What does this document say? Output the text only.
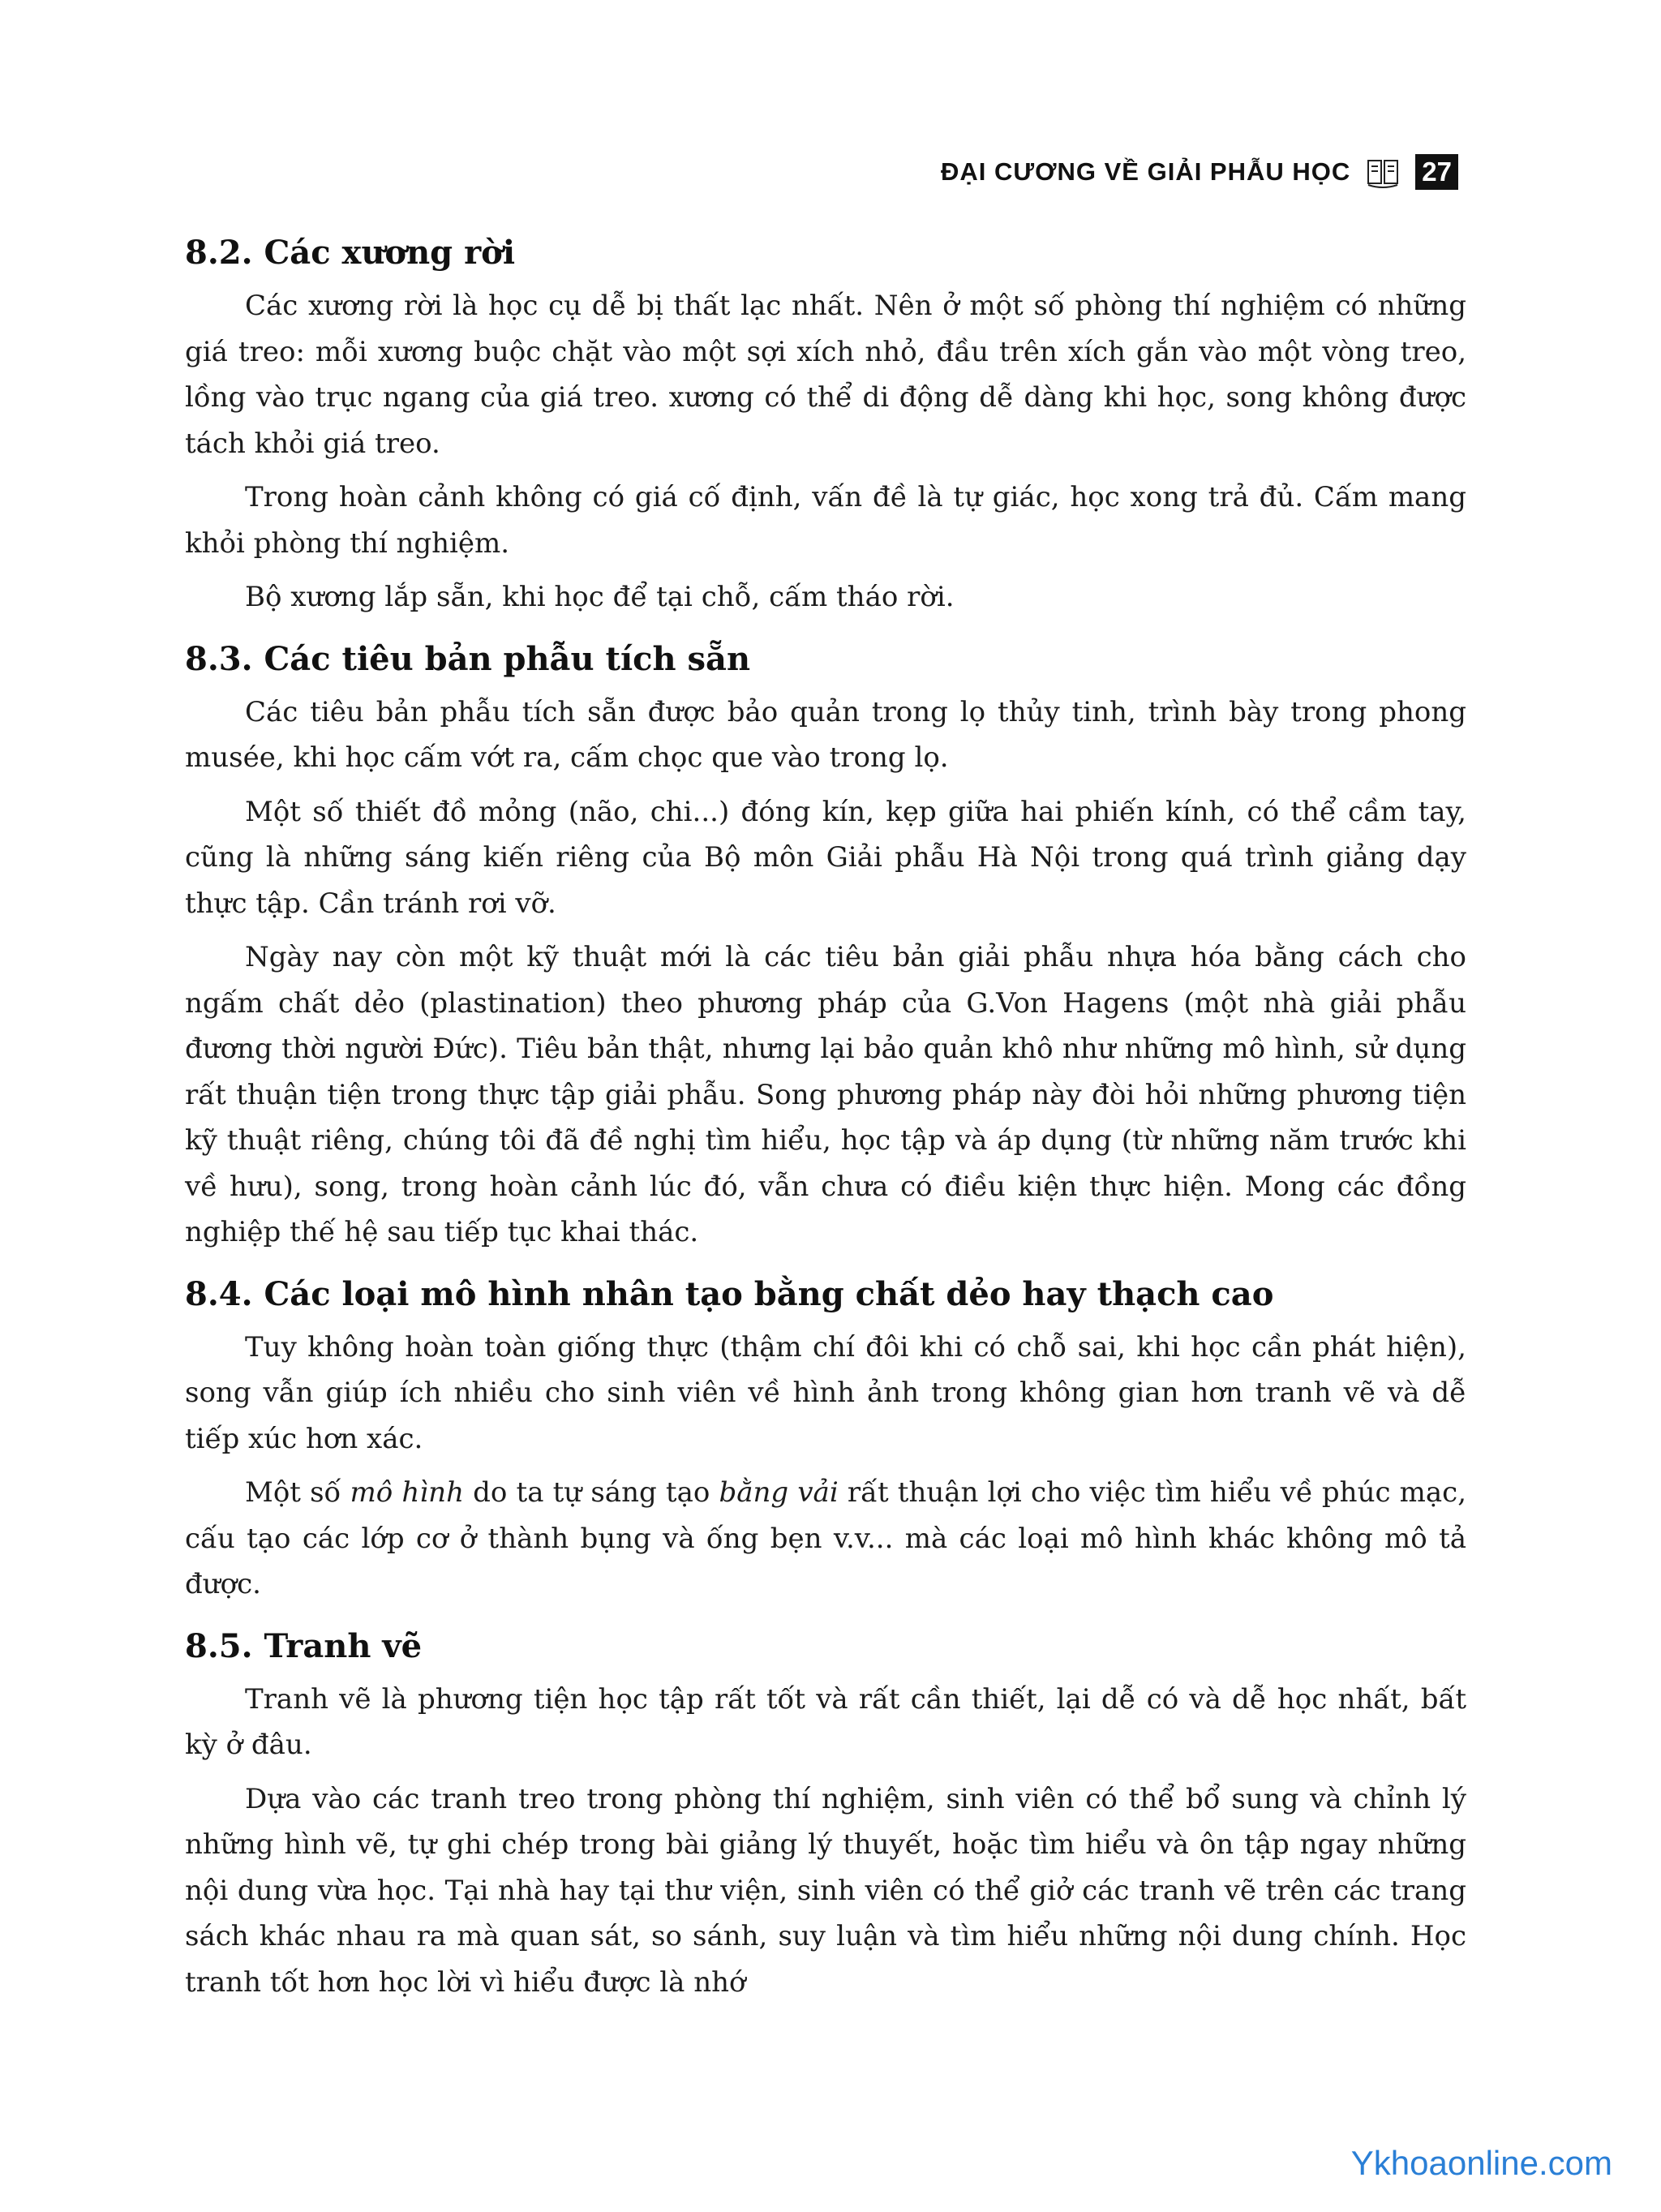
ĐẠI CƯƠNG VỀ GIẢI PHẪU HỌC	27
8.2. Các xương rời

Các xương rời là học cụ dễ bị thất lạc nhất. Nên ở một số phòng thí nghiệm có những giá treo: mỗi xương buộc chặt vào một sợi xích nhỏ, đầu trên xích gắn vào một vòng treo, lồng vào trục ngang của giá treo. xương có thể di động dễ dàng khi học, song không được tách khỏi giá treo.

Trong hoàn cảnh không có giá cố định, vấn đề là tự giác, học xong trả đủ. Cấm mang khỏi phòng thí nghiệm.

Bộ xương lắp sẵn, khi học để tại chỗ, cấm tháo rời.

8.3. Các tiêu bản phẫu tích sẵn

Các tiêu bản phẫu tích sẵn được bảo quản trong lọ thủy tinh, trình bày trong phong musée, khi học cấm vớt ra, cấm chọc que vào trong lọ.

Một số thiết đồ mỏng (não, chi...) đóng kín, kẹp giữa hai phiến kính, có thể cầm tay, cũng là những sáng kiến riêng của Bộ môn Giải phẫu Hà Nội trong quá trình giảng dạy thực tập. Cần tránh rơi vỡ.

Ngày nay còn một kỹ thuật mới là các tiêu bản giải phẫu nhựa hóa bằng cách cho ngấm chất dẻo (plastination) theo phương pháp của G.Von Hagens (một nhà giải phẫu đương thời người Đức). Tiêu bản thật, nhưng lại bảo quản khô như những mô hình, sử dụng rất thuận tiện trong thực tập giải phẫu. Song phương pháp này đòi hỏi những phương tiện kỹ thuật riêng, chúng tôi đã đề nghị tìm hiểu, học tập và áp dụng (từ những năm trước khi về hưu), song, trong hoàn cảnh lúc đó, vẫn chưa có điều kiện thực hiện. Mong các đồng nghiệp thế hệ sau tiếp tục khai thác.

8.4. Các loại mô hình nhân tạo bằng chất dẻo hay thạch cao

Tuy không hoàn toàn giống thực (thậm chí đôi khi có chỗ sai, khi học cần phát hiện), song vẫn giúp ích nhiều cho sinh viên về hình ảnh trong không gian hơn tranh vẽ và dễ tiếp xúc hơn xác.

Một số mô hình do ta tự sáng tạo bằng vải rất thuận lợi cho việc tìm hiểu về phúc mạc, cấu tạo các lớp cơ ở thành bụng và ống bẹn v.v... mà các loại mô hình khác không mô tả được.

8.5. Tranh vẽ

Tranh vẽ là phương tiện học tập rất tốt và rất cần thiết, lại dễ có và dễ học nhất, bất kỳ ở đâu.

Dựa vào các tranh treo trong phòng thí nghiệm, sinh viên có thể bổ sung và chỉnh lý những hình vẽ, tự ghi chép trong bài giảng lý thuyết, hoặc tìm hiểu và ôn tập ngay những nội dung vừa học. Tại nhà hay tại thư viện, sinh viên có thể giở các tranh vẽ trên các trang sách khác nhau ra mà quan sát, so sánh, suy luận và tìm hiểu những nội dung chính. Học tranh tốt hơn học lời vì hiểu được là nhớ

Ykhoaonline.com
